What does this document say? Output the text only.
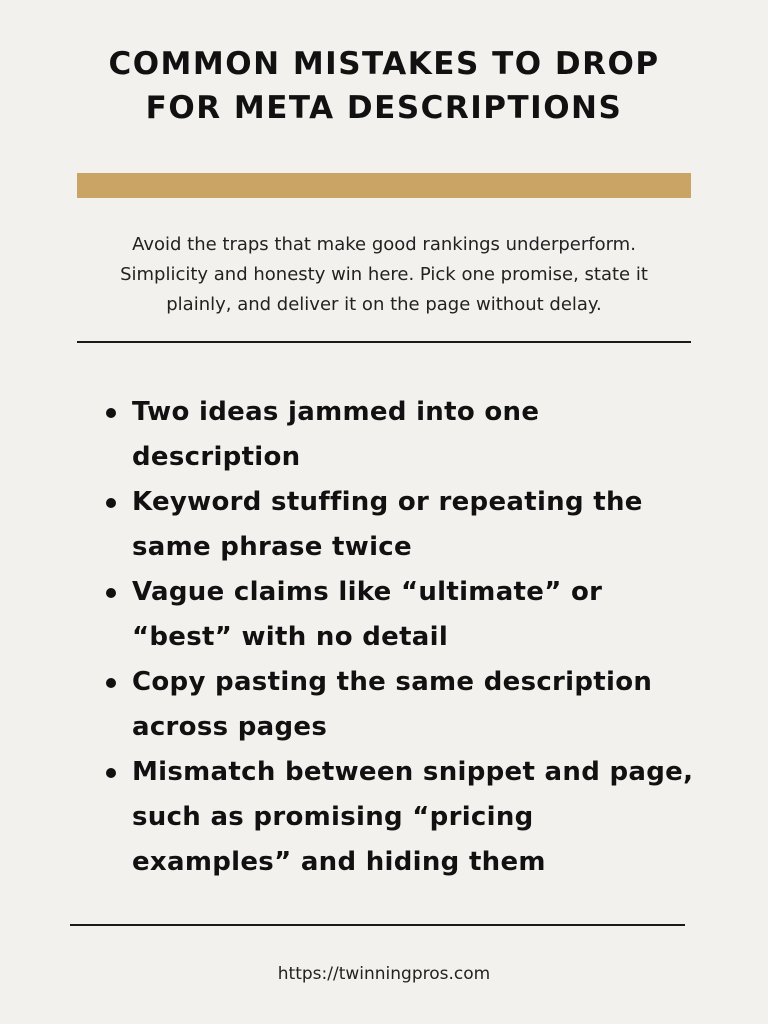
COMMON MISTAKES TO DROP
FOR META DESCRIPTIONS

Avoid the traps that make good rankings underperform. Simplicity and honesty win here. Pick one promise, state it plainly, and deliver it on the page without delay.

Two ideas jammed into one description
Keyword stuffing or repeating the same phrase twice
Vague claims like “ultimate” or “best” with no detail
Copy pasting the same description across pages
Mismatch between snippet and page, such as promising “pricing examples” and hiding them
https://twinningpros.com
